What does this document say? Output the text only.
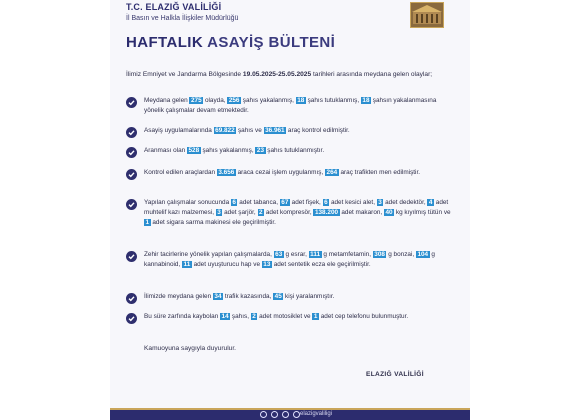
T.C. ELAZIĞ VALİLİĞİ
İl Basın ve Halkla İlişkiler Müdürlüğü
HAFTALIK ASAYİŞ BÜLTENİ
İlimiz Emniyet ve Jandarma Bölgesinde 19.05.2025-25.05.2025 tarihleri arasında meydana gelen olaylar;
Meydana gelen 275 olayda, 256 şahıs yakalanmış, 18 şahıs tutuklanmış, 18 şahsın yakalanmasına yönelik çalışmalar devam etmektedir.
Asayiş uygulamalarında 69.822 şahıs ve 36.961 araç kontrol edilmiştir.
Aranması olan 528 şahıs yakalanmış, 23 şahıs tutuklanmıştır.
Kontrol edilen araçlardan 3.656 araca cezai işlem uygulanmış, 264 araç trafikten men edilmiştir.
Yapılan çalışmalar sonucunda 6 adet tabanca, 67 adet fişek, 6 adet kesici alet, 3 adet dedektör, 4 adet muhtelif kazı malzemesi, 3 adet şarjör, 2 adet kompresör, 138.200 adet makaron, 40 kg kıyılmış tütün ve 1 adet sigara sarma makinesi ele geçirilmiştir.
Zehir tacirlerine yönelik yapılan çalışmalarda, 63 g esrar, 111 g metamfetamin, 308 g bonzai, 104 g kannabinoid, 11 adet uyuşturucu hap ve 13 adet sentetik ecza ele geçirilmiştir.
İlimizde meydana gelen 34 trafik kazasında, 45 kişi yaralanmıştır.
Bu süre zarfında kaybolan 14 şahıs, 2 adet motosiklet ve 1 adet cep telefonu bulunmuştur.
Kamuoyuna saygıyla duyurulur.
ELAZIĞ VALİLİĞİ
elazigvaliligi
